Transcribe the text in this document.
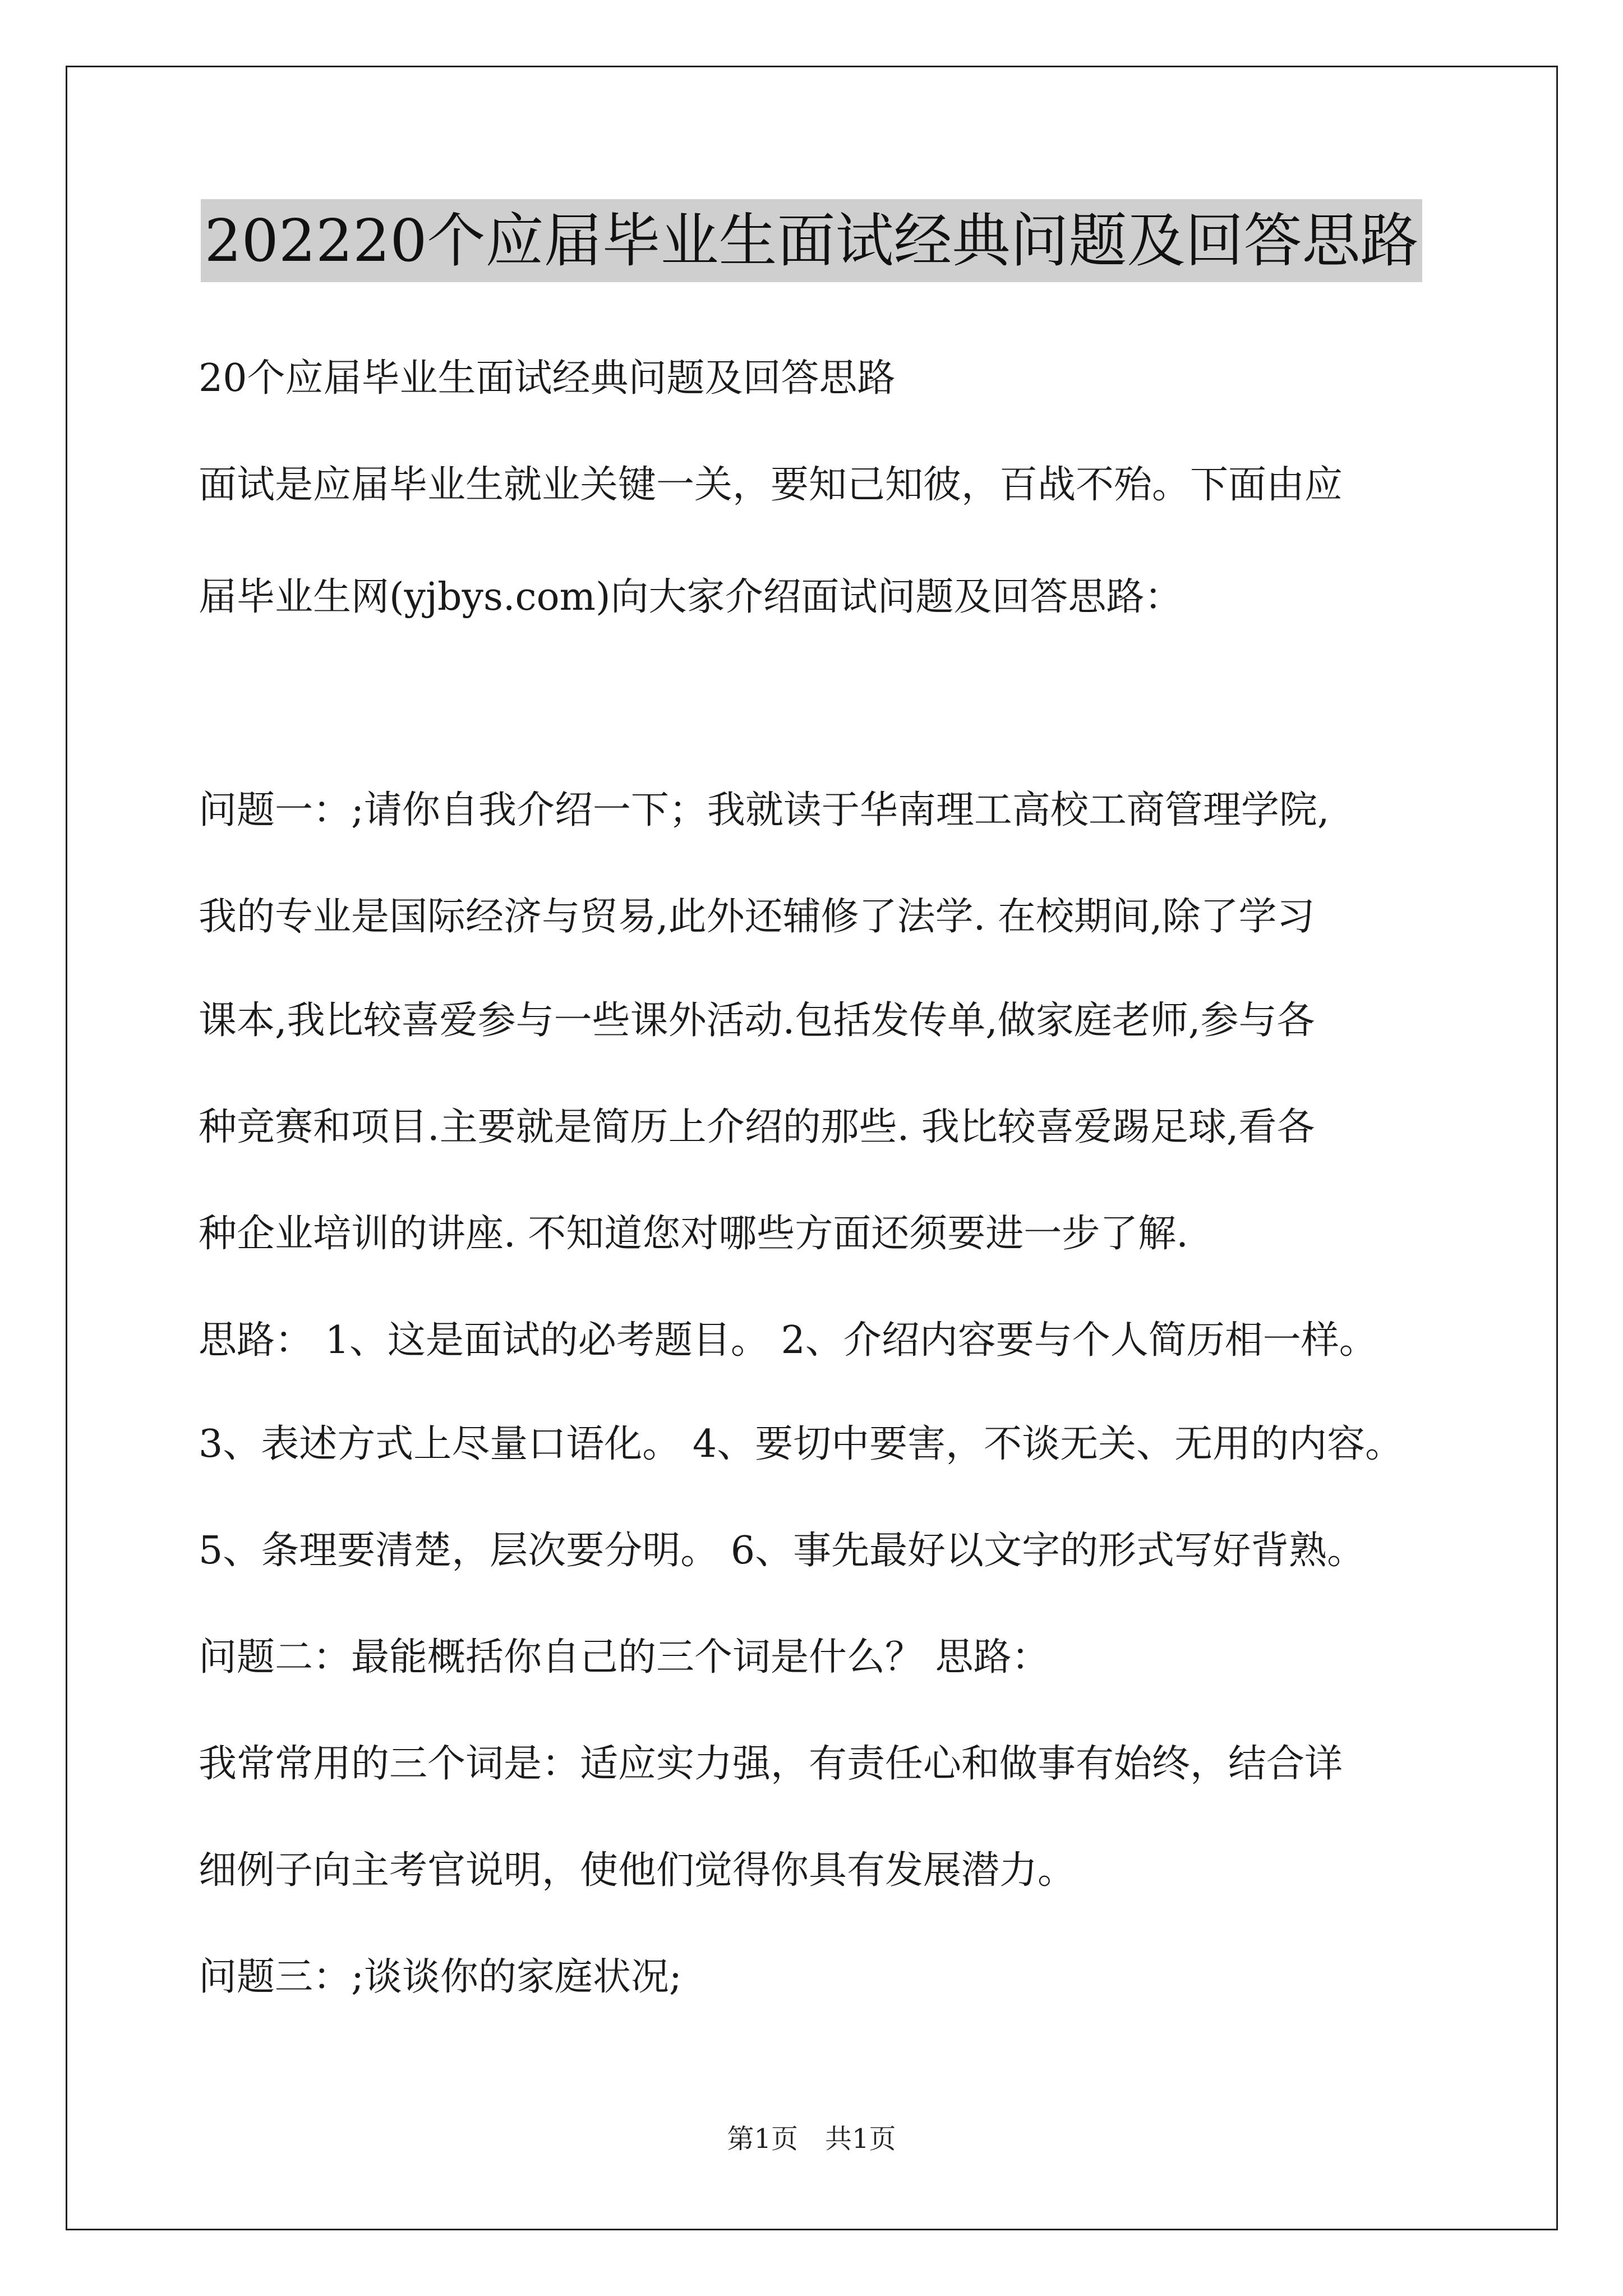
202220个应届毕业生面试经典问题及回答思路
20个应届毕业生面试经典问题及回答思路
面试是应届毕业生就业关键一关，要知己知彼，百战不殆。下面由应
届毕业生网(yjbys.com)向大家介绍面试问题及回答思路：
问题一：;请你自我介绍一下；我就读于华南理工高校工商管理学院,
我的专业是国际经济与贸易,此外还辅修了法学. 在校期间,除了学习
课本,我比较喜爱参与一些课外活动.包括发传单,做家庭老师,参与各
种竞赛和项目.主要就是简历上介绍的那些. 我比较喜爱踢足球,看各
种企业培训的讲座. 不知道您对哪些方面还须要进一步了解.
思路： 1、这是面试的必考题目。 2、介绍内容要与个人简历相一样。
3、表述方式上尽量口语化。 4、要切中要害，不谈无关、无用的内容。
5、条理要清楚，层次要分明。 6、事先最好以文字的形式写好背熟。
问题二：最能概括你自己的三个词是什么？ 思路：
我常常用的三个词是：适应实力强，有责任心和做事有始终，结合详
细例子向主考官说明，使他们觉得你具有发展潜力。
问题三：;谈谈你的家庭状况;
第1页　共1页
